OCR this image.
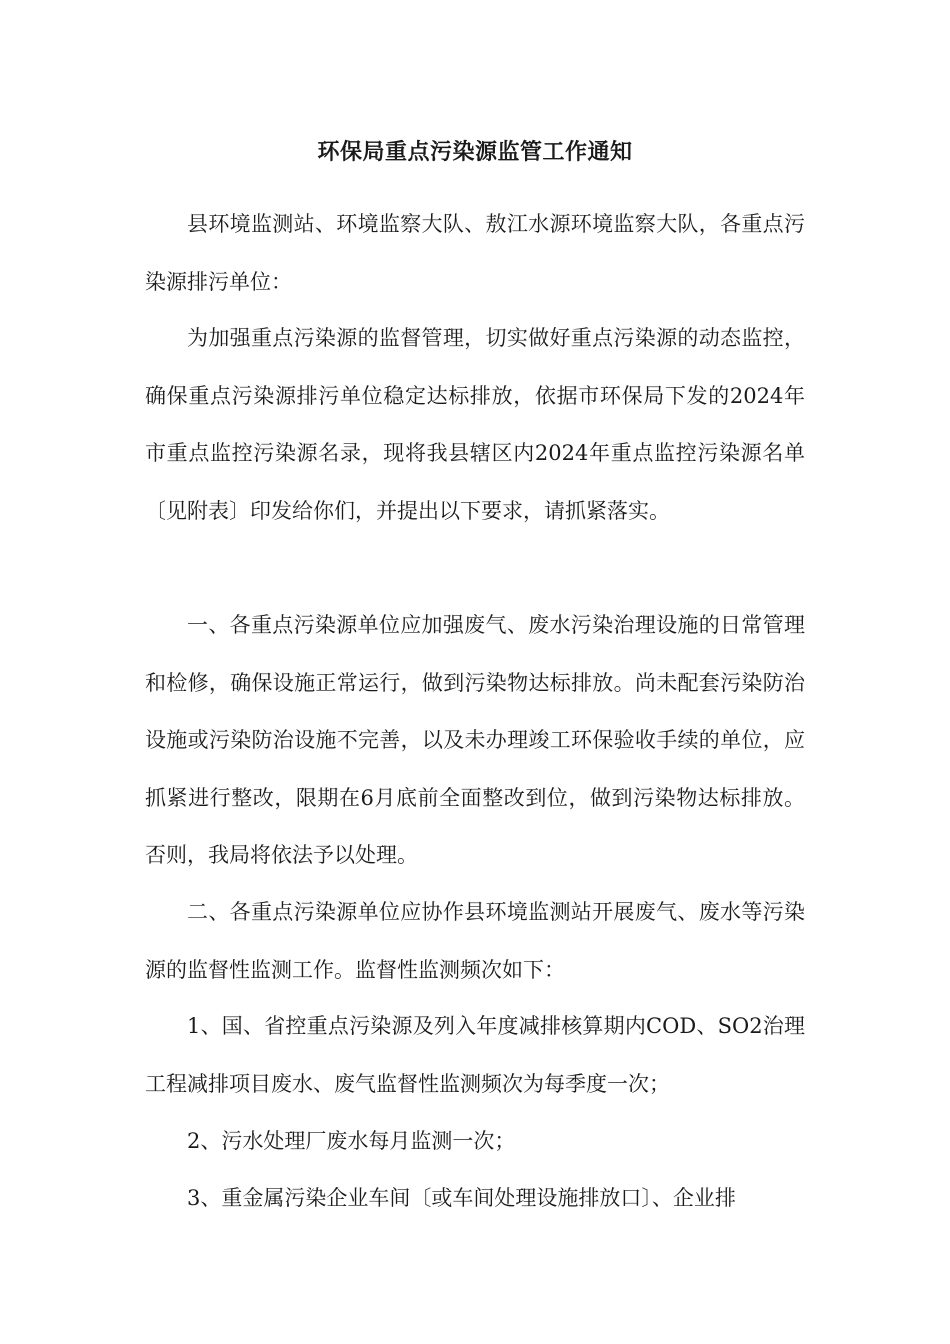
环保局重点污染源监管工作通知

县环境监测站、环境监察大队、敖江水源环境监察大队，各重点污染源排污单位：

为加强重点污染源的监督管理，切实做好重点污染源的动态监控，确保重点污染源排污单位稳定达标排放，依据市环保局下发的2024年市重点监控污染源名录，现将我县辖区内2024年重点监控污染源名单〔见附表〕印发给你们，并提出以下要求，请抓紧落实。

一、各重点污染源单位应加强废气、废水污染治理设施的日常管理和检修，确保设施正常运行，做到污染物达标排放。尚未配套污染防治设施或污染防治设施不完善，以及未办理竣工环保验收手续的单位，应抓紧进行整改，限期在6月底前全面整改到位，做到污染物达标排放。否则，我局将依法予以处理。

二、各重点污染源单位应协作县环境监测站开展废气、废水等污染源的监督性监测工作。监督性监测频次如下：

1、国、省控重点污染源及列入年度减排核算期内COD、SO2治理工程减排项目废水、废气监督性监测频次为每季度一次；

2、污水处理厂废水每月监测一次；

3、重金属污染企业车间〔或车间处理设施排放口〕、企业排
